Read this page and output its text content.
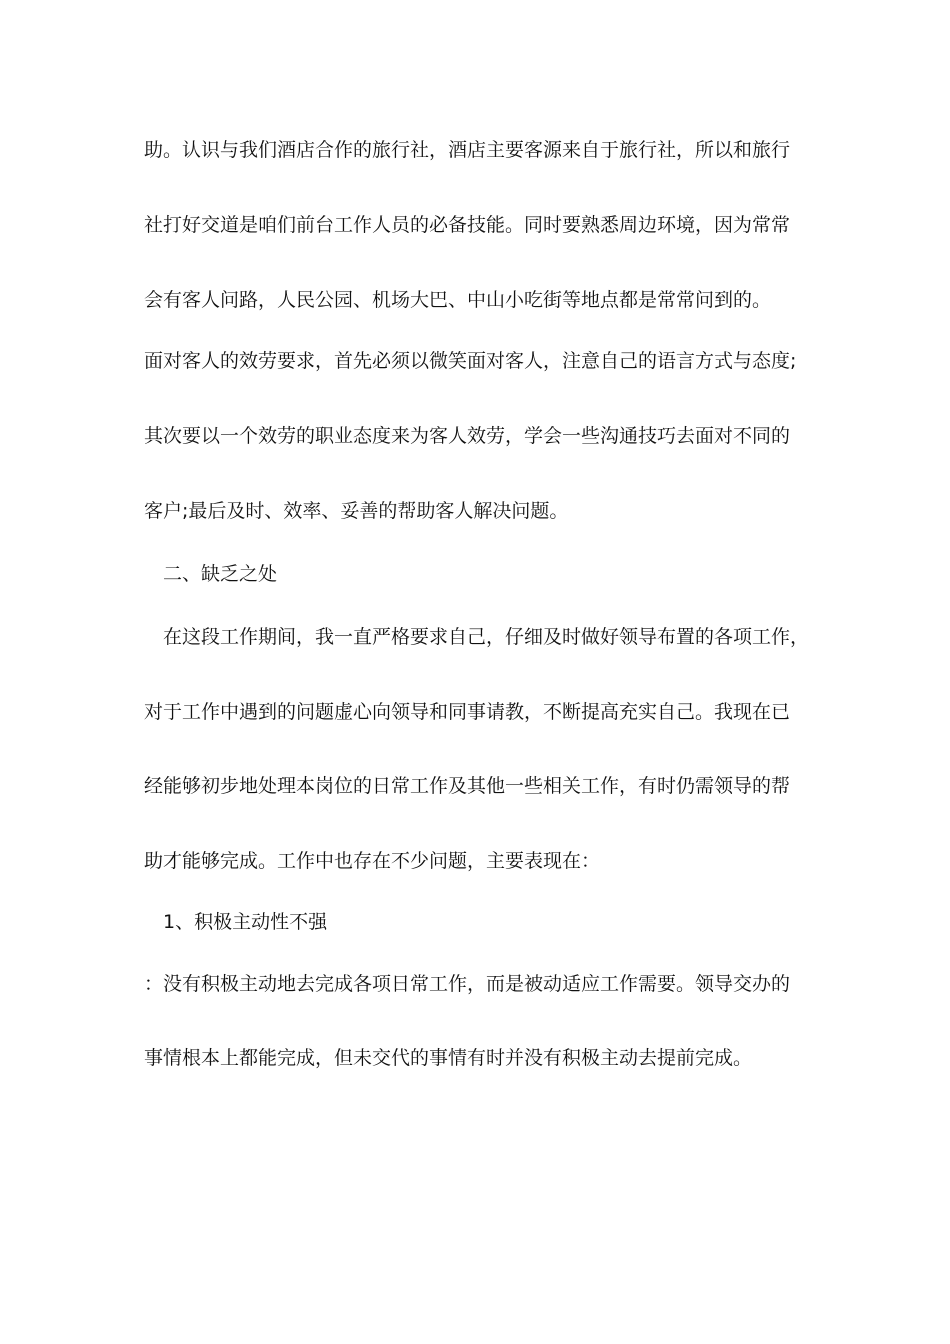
助。认识与我们酒店合作的旅行社，酒店主要客源来自于旅行社，所以和旅行
社打好交道是咱们前台工作人员的必备技能。同时要熟悉周边环境，因为常常
会有客人问路，人民公园、机场大巴、中山小吃街等地点都是常常问到的。
面对客人的效劳要求，首先必须以微笑面对客人，注意自己的语言方式与态度;
其次要以一个效劳的职业态度来为客人效劳，学会一些沟通技巧去面对不同的
客户;最后及时、效率、妥善的帮助客人解决问题。
二、缺乏之处
在这段工作期间，我一直严格要求自己，仔细及时做好领导布置的各项工作，
对于工作中遇到的问题虚心向领导和同事请教，不断提高充实自己。我现在已
经能够初步地处理本岗位的日常工作及其他一些相关工作，有时仍需领导的帮
助才能够完成。工作中也存在不少问题，主要表现在：
1、积极主动性不强
：没有积极主动地去完成各项日常工作，而是被动适应工作需要。领导交办的
事情根本上都能完成，但未交代的事情有时并没有积极主动去提前完成。
